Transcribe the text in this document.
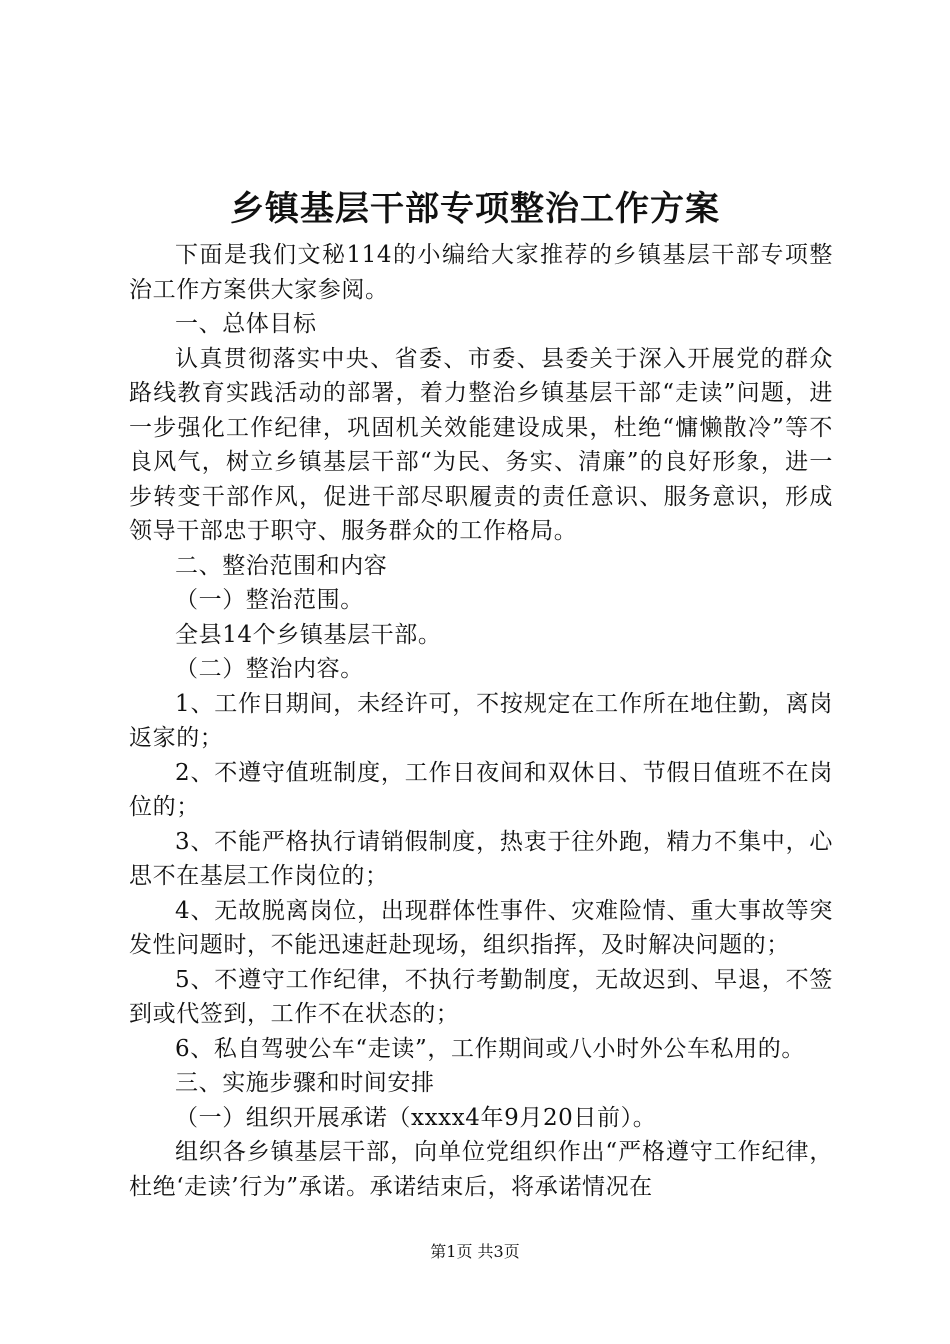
乡镇基层干部专项整治工作方案

下面是我们文秘114的小编给大家推荐的乡镇基层干部专项整治工作方案供大家参阅。

一、总体目标

认真贯彻落实中央、省委、市委、县委关于深入开展党的群众路线教育实践活动的部署，着力整治乡镇基层干部“走读”问题，进一步强化工作纪律，巩固机关效能建设成果，杜绝“慵懒散冷”等不良风气，树立乡镇基层干部“为民、务实、清廉”的良好形象，进一步转变干部作风，促进干部尽职履责的责任意识、服务意识，形成领导干部忠于职守、服务群众的工作格局。

二、整治范围和内容

（一）整治范围。

全县14个乡镇基层干部。

（二）整治内容。

1、工作日期间，未经许可，不按规定在工作所在地住勤，离岗返家的；

2、不遵守值班制度，工作日夜间和双休日、节假日值班不在岗位的；

3、不能严格执行请销假制度，热衷于往外跑，精力不集中，心思不在基层工作岗位的；

4、无故脱离岗位，出现群体性事件、灾难险情、重大事故等突发性问题时，不能迅速赶赴现场，组织指挥，及时解决问题的；

5、不遵守工作纪律，不执行考勤制度，无故迟到、早退，不签到或代签到，工作不在状态的；

6、私自驾驶公车“走读”，工作期间或八小时外公车私用的。

三、实施步骤和时间安排

（一）组织开展承诺（xxxx4年9月20日前）。

组织各乡镇基层干部，向单位党组织作出“严格遵守工作纪律，杜绝‘走读’行为”承诺。承诺结束后，将承诺情况在

第1页 共3页
